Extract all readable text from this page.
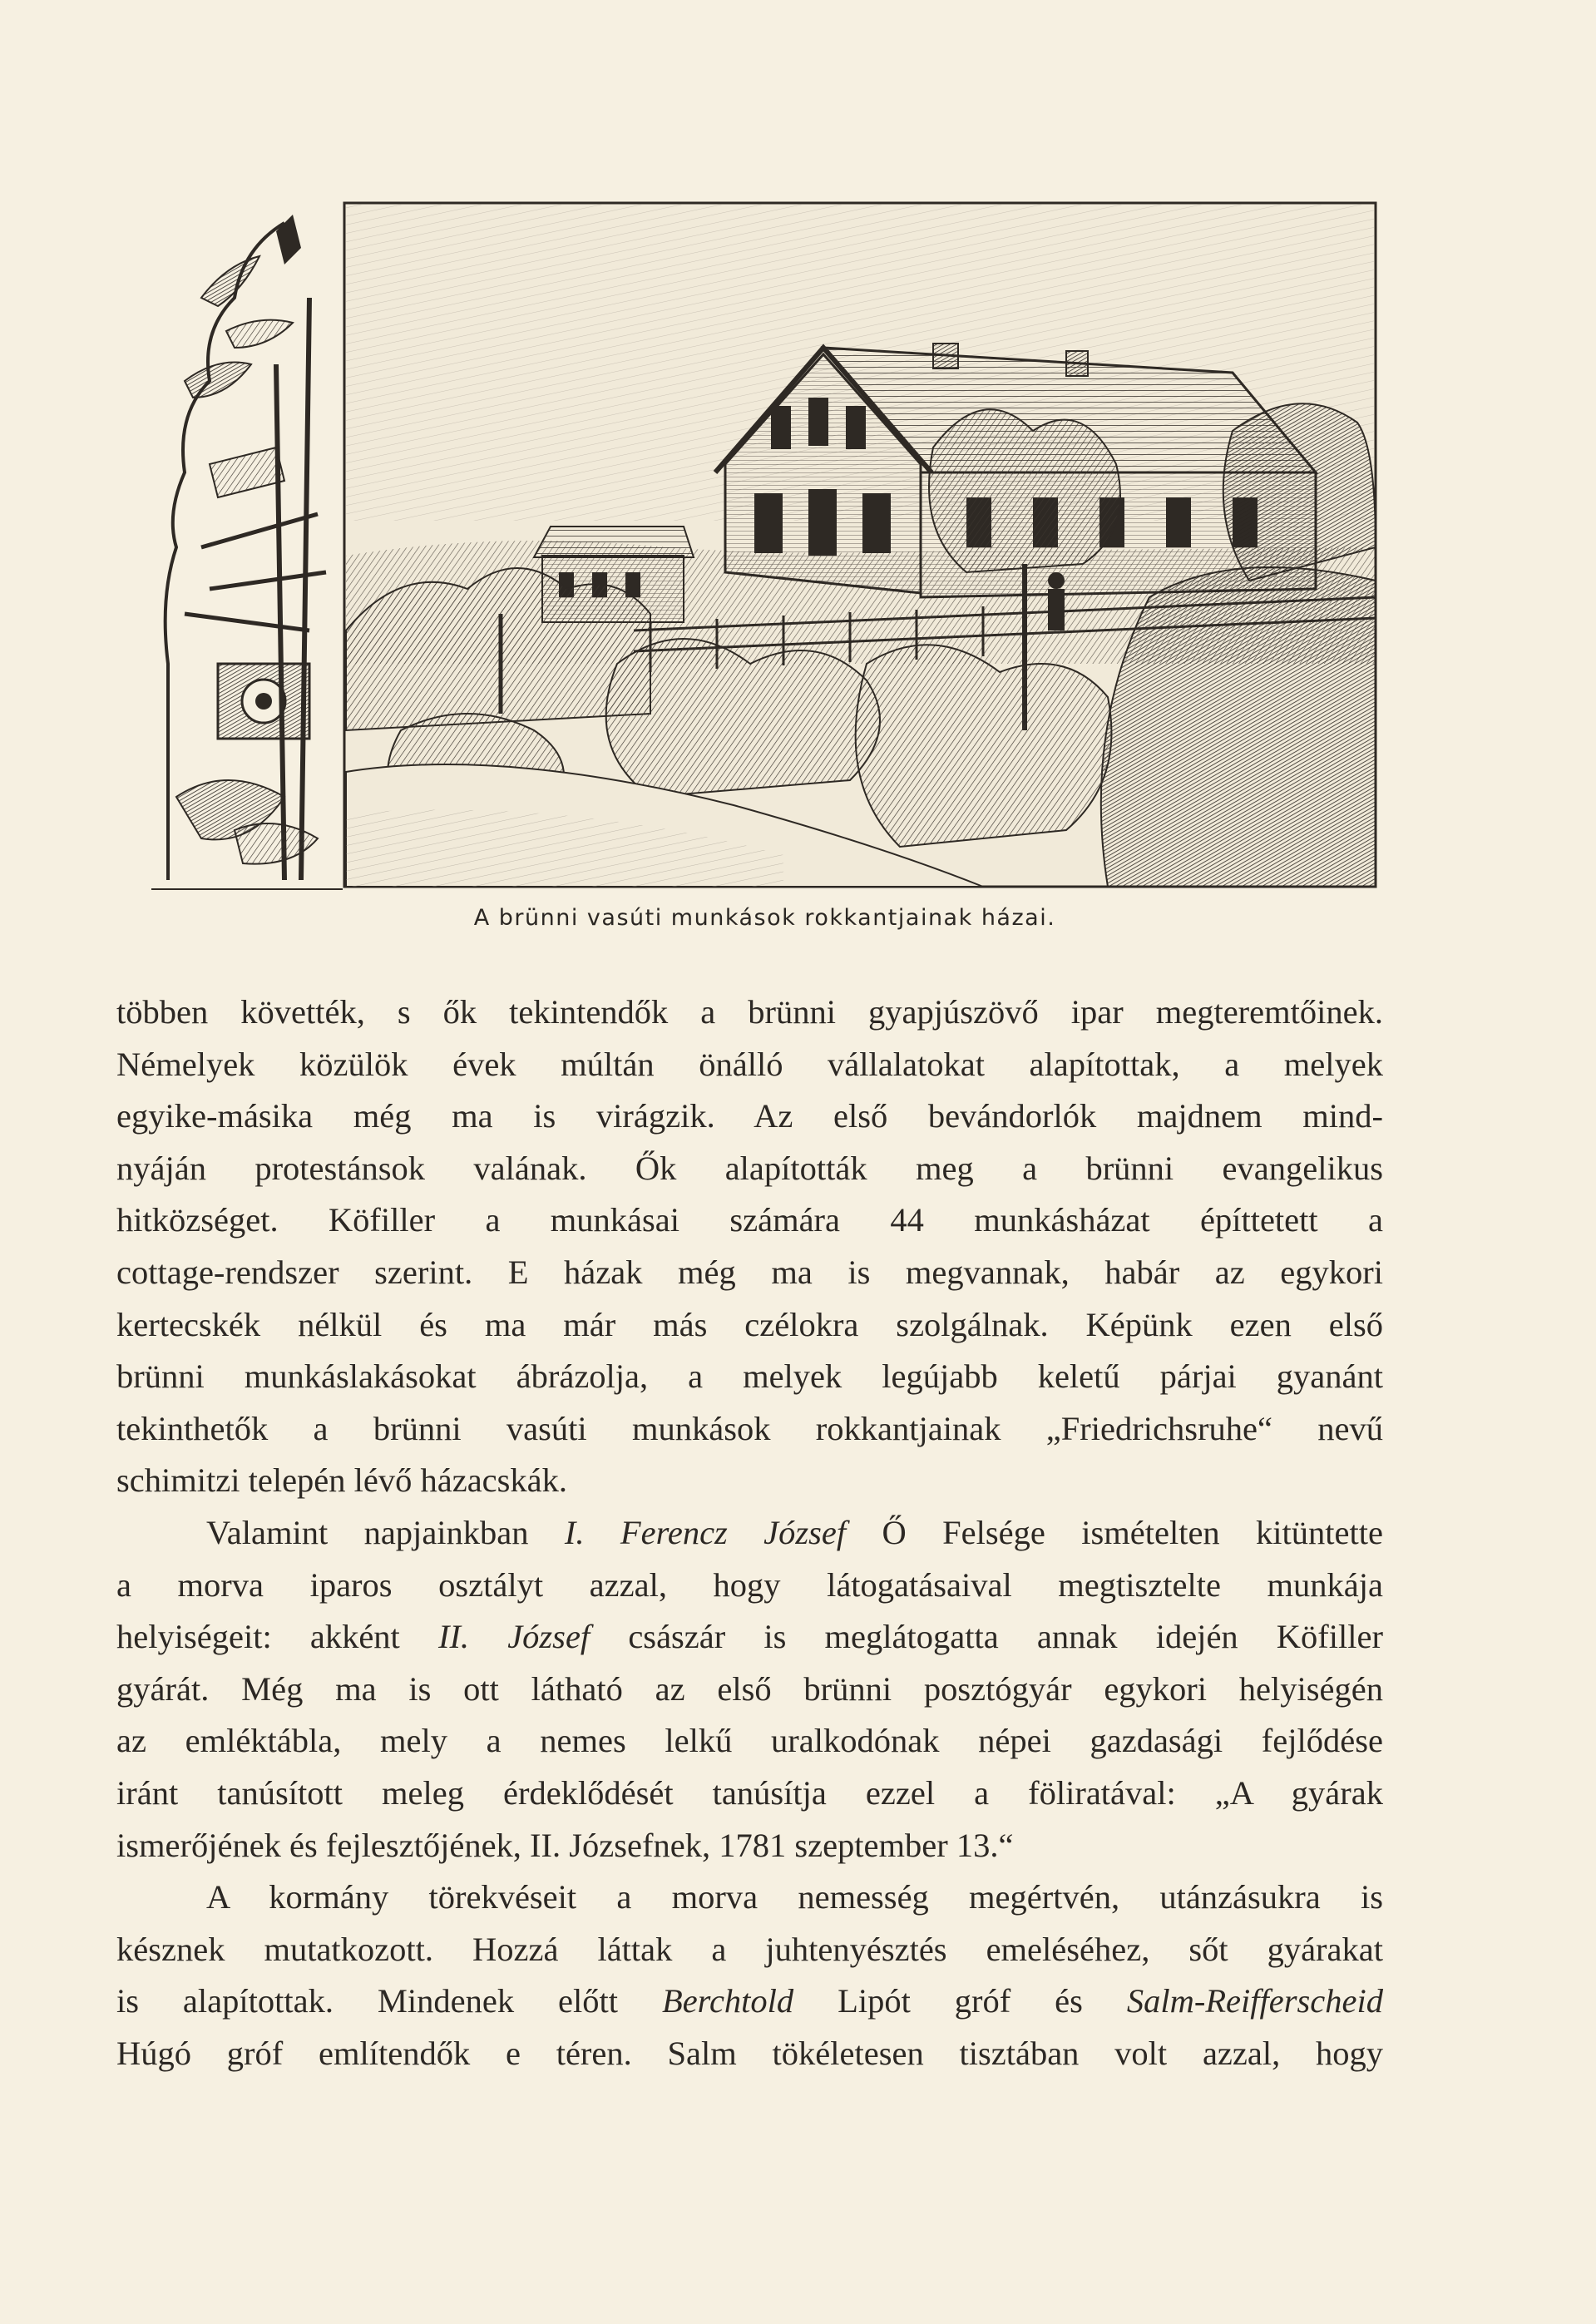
A brünni vasúti munkások rokkantjainak házai.
többen követték, s ők tekintendők a brünni gyapjúszövő ipar megteremtőinek.
Némelyek közülök évek múltán önálló vállalatokat alapítottak, a melyek
egyike-másika még ma is virágzik. Az első bevándorlók majdnem mind-
nyáján protestánsok valának. Ők alapították meg a brünni evangelikus
hitközséget. Köfiller a munkásai számára 44 munkásházat építtetett a
cottage-rendszer szerint. E házak még ma is megvannak, habár az egykori
kertecskék nélkül és ma már más czélokra szolgálnak. Képünk ezen első
brünni munkáslakásokat ábrázolja, a melyek legújabb keletű párjai gyanánt
tekinthetők a brünni vasúti munkások rokkantjainak „Friedrichsruhe“ nevű
schimitzi telepén lévő házacskák.
Valamint napjainkban I. Ferencz József Ő Felsége ismételten kitüntette
a morva iparos osztályt azzal, hogy látogatásaival megtisztelte munkája
helyiségeit: akként II. József császár is meglátogatta annak idején Köfiller
gyárát. Még ma is ott látható az első brünni posztógyár egykori helyiségén
az emléktábla, mely a nemes lelkű uralkodónak népei gazdasági fejlődése
iránt tanúsított meleg érdeklődését tanúsítja ezzel a föliratával: „A gyárak
ismerőjének és fejlesztőjének, II. Józsefnek, 1781 szeptember 13.“
A kormány törekvéseit a morva nemesség megértvén, utánzásukra is
késznek mutatkozott. Hozzá láttak a juhtenyésztés emeléséhez, sőt gyárakat
is alapítottak. Mindenek előtt Berchtold Lipót gróf és Salm-Reifferscheid
Húgó gróf említendők e téren. Salm tökéletesen tisztában volt azzal, hogy
